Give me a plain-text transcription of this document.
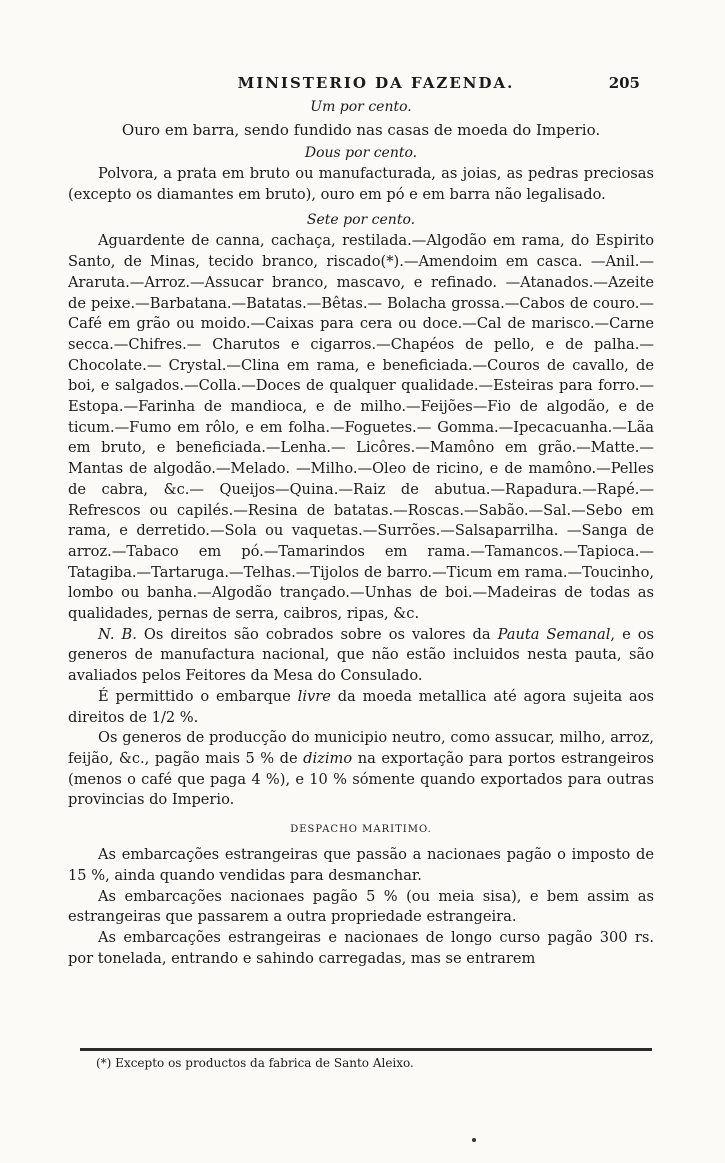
MINISTERIO DA FAZENDA.	205

Um por cento.

Ouro em barra, sendo fundido nas casas de moeda do Imperio.

Dous por cento.

Polvora, a prata em bruto ou manufacturada, as joias, as pedras preciosas (excepto os diamantes em bruto), ouro em pó e em barra não legalisado.

Sete por cento.

Aguardente de canna, cachaça, restilada.—Algodão em rama, do Espirito Santo, de Minas, tecido branco, riscado(*).—Amendoim em casca. —Anil.—Araruta.—Arroz.—Assucar branco, mascavo, e refinado. —Atanados.—Azeite de peixe.—Barbatana.—Batatas.—Bêtas.— Bolacha grossa.—Cabos de couro.—Café em grão ou moido.—Caixas para cera ou doce.—Cal de marisco.—Carne secca.—Chifres.— Charutos e cigarros.—Chapéos de pello, e de palha.—Chocolate.— Crystal.—Clina em rama, e beneficiada.—Couros de cavallo, de boi, e salgados.—Colla.—Doces de qualquer qualidade.—Esteiras para forro.—Estopa.—Farinha de mandioca, e de milho.—Feijões—Fio de algodão, e de ticum.—Fumo em rôlo, e em folha.—Foguetes.— Gomma.—Ipecacuanha.—Lãa em bruto, e beneficiada.—Lenha.— Licôres.—Mamôno em grão.—Matte.—Mantas de algodão.—Melado. —Milho.—Oleo de ricino, e de mamôno.—Pelles de cabra, &c.— Queijos—Quina.—Raiz de abutua.—Rapadura.—Rapé.—Refrescos ou capilés.—Resina de batatas.—Roscas.—Sabão.—Sal.—Sebo em rama, e derretido.—Sola ou vaquetas.—Surrões.—Salsaparrilha. —Sanga de arroz.—Tabaco em pó.—Tamarindos em rama.—Tamancos.—Tapioca.—Tatagiba.—Tartaruga.—Telhas.—Tijolos de barro.—Ticum em rama.—Toucinho, lombo ou banha.—Algodão trançado.—Unhas de boi.—Madeiras de todas as qualidades, pernas de serra, caibros, ripas, &c.

N. B. Os direitos são cobrados sobre os valores da Pauta Semanal, e os generos de manufactura nacional, que não estão incluidos nesta pauta, são avaliados pelos Feitores da Mesa do Consulado.

É permittido o embarque livre da moeda metallica até agora sujeita aos direitos de 1/2 %.

Os generos de producção do municipio neutro, como assucar, milho, arroz, feijão, &c., pagão mais 5 % de dizimo na exportação para portos estrangeiros (menos o café que paga 4 %), e 10 % sómente quando exportados para outras provincias do Imperio.

DESPACHO MARITIMO.

As embarcações estrangeiras que passão a nacionaes pagão o imposto de 15 %, ainda quando vendidas para desmanchar.

As embarcações nacionaes pagão 5 % (ou meia sisa), e bem assim as estrangeiras que passarem a outra propriedade estrangeira.

As embarcações estrangeiras e nacionaes de longo curso pagão 300 rs. por tonelada, entrando e sahindo carregadas, mas se entrarem

(*) Excepto os productos da fabrica de Santo Aleixo.
